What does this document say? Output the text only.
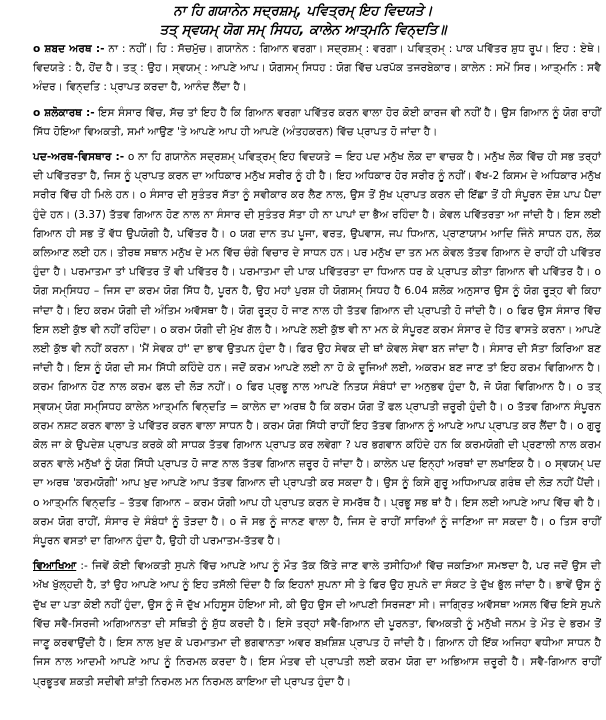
ਨਾ ਹਿ ਗਯਾਨੇਨ ਸਦ੍ਰਸ਼ਮ੍, ਪਵਿਤ੍ਰਮ੍ ਇਹ ਵਿਦਯਤੇ।
ਤਤ੍ ਸ੍ਵਯਮ੍ ਯੋਗ ਸਮ੍ ਸਿਧਹ, ਕਾਲੇਨ ਆਤ੍ਮਨਿ ਵਿਨ੍ਦਤਿ॥

o ਸ਼ਬਦ ਅਰਥ :- ਨਾ : ਨਹੀਂ। ਹਿ : ਸੱਚਮੁੱਚ। ਗਯਾਨੇਨ : ਗਿਆਨ ਵਰਗਾ। ਸਦ੍ਰਸ਼ਮ੍ : ਵਰਗਾ। ਪਵਿਤ੍ਰਮ੍ : ਪਾਕ ਪਵਿੱਤਰ ਸ਼ੁਧ ਰੂਪ। ਇਹ : ਏਥੇ। ਵਿਦਯਤੇ : ਹੈ, ਹੋਂਦ ਹੈ। ਤਤ੍ : ਉਹ। ਸ੍ਵਯਮ੍ : ਆਪਣੇ ਆਪ। ਯੋਗਸਮ੍ ਸਿਧਹ : ਯੋਗ ਵਿੱਚ ਪਰਪੱਕ ਤਜਰਬੇਕਾਰ। ਕਾਲੇਨ : ਸਮੇਂ ਸਿਰ। ਆਤ੍ਮਨਿ : ਸਵੈ ਅੰਦਰ। ਵਿਨ੍ਦਤਿ : ਪ੍ਰਾਪਤ ਕਰਦਾ ਹੈ, ਆਨੰਦ ਲੈਂਦਾ ਹੈ।

o ਸ਼ਲੋਕਾਰਥ :- ਇਸ ਸੰਸਾਰ ਵਿੱਚ, ਸੱਚ ਤਾਂ ਇਹ ਹੈ ਕਿ ਗਿਆਨ ਵਰਗਾ ਪਵਿੱਤਰ ਕਰਨ ਵਾਲਾ ਹੋਰ ਕੋਈ ਕਾਰਜ ਵੀ ਨਹੀਂ ਹੈ। ਉਸ ਗਿਆਨ ਨੂੰ ਯੋਗ ਰਾਹੀਂ ਸਿੱਧ ਹੋਇਆ ਵਿਅਕਤੀ, ਸਮਾਂ ਆਉਣ 'ਤੇ ਆਪਣੇ ਆਪ ਹੀ ਆਪਣੇ (ਅੰਤਹਕਰਨ) ਵਿੱਚ ਪ੍ਰਾਪਤ ਹੋ ਜਾਂਦਾ ਹੈ।

ਪਦ-ਅਰਥ-ਵਿਸਥਾਰ :- o ਨਾ ਹਿ ਗਯਾਨੇਨ ਸਦ੍ਰਸ਼ਮ੍ ਪਵਿਤ੍ਰਮ੍ ਇਹ ਵਿਦਯਤੇ = ਇਹ ਪਦ ਮਨੁੱਖ ਲੋਕ ਦਾ ਵਾਚਕ ਹੈ। ਮਨੁੱਖ ਲੋਕ ਵਿੱਚ ਹੀ ਸਭ ਤਰ੍ਹਾਂ ਦੀ ਪਵਿੱਤਰਤਾ ਹੈ, ਜਿਸ ਨੂੰ ਪ੍ਰਾਪਤ ਕਰਨ ਦਾ ਅਧਿਕਾਰ ਮਨੁੱਖ ਸਰੀਰ ਨੂੰ ਹੀ ਹੈ। ਇਹ ਅਧਿਕਾਰ ਹੋਰ ਸਰੀਰ ਨੂੰ ਨਹੀਂ। ਵੱਖ-2 ਕਿਸਮ ਦੇ ਅਧਿਕਾਰ ਮਨੁੱਖ ਸਰੀਰ ਵਿੱਚ ਹੀ ਮਿਲੇ ਹਨ। o ਸੰਸਾਰ ਦੀ ਸੁਤੰਤਰ ਸੱਤਾ ਨੂੰ ਸਵੀਕਾਰ ਕਰ ਲੈਣ ਨਾਲ, ਉਸ ਤੋਂ ਸੁੱਖ ਪ੍ਰਾਪਤ ਕਰਨ ਦੀ ਇੱਛਾ ਤੋਂ ਹੀ ਸੰਪੂਰਨ ਦੋਸ਼ ਪਾਪ ਪੈਦਾ ਹੁੰਦੇ ਹਨ। (3.37) ਤੱਤਵ ਗਿਆਨ ਹੋਣ ਨਾਲ ਨਾ ਸੰਸਾਰ ਦੀ ਸੁਤੰਤਰ ਸੱਤਾ ਹੀ ਨਾ ਪਾਪਾਂ ਦਾ ਭੈਅ ਰਹਿੰਦਾ ਹੈ। ਕੇਵਲ ਪਵਿੱਤਰਤਾ ਆ ਜਾਂਦੀ ਹੈ। ਇਸ ਲਈ ਗਿਆਨ ਹੀ ਸਭ ਤੋਂ ਵੱਧ ਉਪਯੋਗੀ ਹੈ, ਪਵਿੱਤਰ ਹੈ। o ਯਗ ਦਾਨ ਤਪ ਪੂਜਾ, ਵਰਤ, ਉਪਵਾਸ, ਜਪ ਧਿਆਨ, ਪ੍ਰਾਣਾਯਾਮ ਆਦਿ ਜਿੰਨੇ ਸਾਧਨ ਹਨ, ਲੋਕ ਕਲਿਆਣ ਲਈ ਹਨ। ਤੀਰਥ ਸਥਾਨ ਮਨੁੱਖ ਦੇ ਮਨ ਵਿੱਚ ਚੰਗੇ ਵਿਚਾਰ ਦੇ ਸਾਧਨ ਹਨ। ਪਰ ਮਨੁੱਖ ਦਾ ਤਨ ਮਨ ਕੇਵਲ ਤੱਤਵ ਗਿਆਨ ਦੇ ਰਾਹੀਂ ਹੀ ਪਵਿੱਤਰ ਹੁੰਦਾ ਹੈ। ਪਰਮਾਤਮਾ ਤਾਂ ਪਵਿੱਤਰ ਤੋਂ ਵੀ ਪਵਿੱਤਰ ਹੈ। ਪਰਮਾਤਮਾ ਦੀ ਪਾਕ ਪਵਿੱਤਰਤਾ ਦਾ ਧਿਆਨ ਧਰ ਕੇ ਪ੍ਰਾਪਤ ਕੀਤਾ ਗਿਆਨ ਵੀ ਪਵਿੱਤਰ ਹੈ। o ਯੋਗ ਸਮ੍ਸਿਧਹ – ਜਿਸ ਦਾ ਕਰਮ ਯੋਗ ਸਿੱਧ ਹੈ, ਪੂਰਨ ਹੈ, ਉਹ ਮਹਾਂ ਪੁਰਸ਼ ਹੀ ਯੋਗਸਮ੍ ਸਿਧਹ ਹੈ 6.04 ਸ਼ਲੋਕ ਅਨੁਸਾਰ ਉਸ ਨੂੰ ਯੋਗ ਰੂੜ੍ਹ ਵੀ ਕਿਹਾ ਜਾਂਦਾ ਹੈ। ਇਹ ਕਰਮ ਯੋਗੀ ਦੀ ਅੰਤਿਮ ਅਵੱਸਥਾ ਹੈ। ਯੋਗ ਰੂੜ੍ਹ ਹੋ ਜਾਣ ਨਾਲ ਹੀ ਤੱਤਵ ਗਿਆਨ ਦੀ ਪ੍ਰਾਪਤੀ ਹੋ ਜਾਂਦੀ ਹੈ। o ਫਿਰ ਉਸ ਸੰਸਾਰ ਵਿੱਚ ਇਸ ਲਈ ਕੁੱਝ ਵੀ ਨਹੀਂ ਰਹਿੰਦਾ। o ਕਰਮ ਯੋਗੀ ਦੀ ਮੁੱਖ ਗੱਲ ਹੈ। ਆਪਣੇ ਲਈ ਕੁੱਝ ਵੀ ਨਾ ਮਨ ਕੇ ਸੰਪੂਰਣ ਕਰਮ ਸੰਸਾਰ ਦੇ ਹਿੱਤ ਵਾਸਤੇ ਕਰਨਾ। ਆਪਣੇ ਲਈ ਕੁੱਝ ਵੀ ਨਹੀਂ ਕਰਨਾ। 'ਮੈਂ ਸੇਵਕ ਹਾਂ' ਦਾ ਭਾਵ ਉਤਪਨ ਹੁੰਦਾ ਹੈ। ਫਿਰ ਉਹ ਸੇਵਕ ਦੀ ਥਾਂ ਕੇਵਲ ਸੇਵਾ ਬਨ ਜਾਂਦਾ ਹੈ। ਸੰਸਾਰ ਦੀ ਸੱਤਾ ਕਿਰਿਆ ਬਣ ਜਾਂਦੀ ਹੈ। ਇਸ ਨੂੰ ਯੋਗ ਦੀ ਸਮ ਸਿੱਧੀ ਕਹਿੰਦੇ ਹਨ। ਜਦੋਂ ਕਰਮ ਆਪਣੇ ਲਈ ਨਾ ਹੋ ਕੇ ਦੂਜਿਆਂ ਲਈ, ਅਕਰਮ ਬਣ ਜਾਣ ਤਾਂ ਇਹ ਕਰਮ ਵਿਗਿਆਨ ਹੈ। ਕਰਮ ਗਿਆਨ ਹੋਣ ਨਾਲ ਕਰਮ ਫਲ ਦੀ ਲੋੜ ਨਹੀਂ। o ਫਿਰ ਪ੍ਰਭੂ ਨਾਲ ਆਪਣੇ ਨਿਤਯ ਸੰਬੰਧਾਂ ਦਾ ਅਨੁਭਵ ਹੁੰਦਾ ਹੈ, ਜੋ ਯੋਗ ਵਿਗਿਆਨ ਹੈ। o ਤਤ੍ ਸ੍ਵਯਮ੍ ਯੋਗ ਸਮ੍ਸਿਧਹ ਕਾਲੇਨ ਆਤ੍ਮਨਿ ਵਿਨ੍ਦਤਿ = ਕਾਲੇਨ ਦਾ ਅਰਥ ਹੈ ਕਿ ਕਰਮ ਯੋਗ ਤੋਂ ਫਲ ਪ੍ਰਾਪਤੀ ਜ਼ਰੂਰੀ ਹੁੰਦੀ ਹੈ। o ਤੱਤਵ ਗਿਆਨ ਸੰਪੂਰਨ ਕਰਮ ਨਸ਼ਟ ਕਰਨ ਵਾਲਾ ਤੇ ਪਵਿੱਤਰ ਕਰਨ ਵਾਲਾ ਸਾਧਨ ਹੈ। ਕਰਮ ਯੋਗ ਸਿੱਧੀ ਰਾਹੀਂ ਇਹ ਤੱਤਵ ਗਿਆਨ ਨੂੰ ਆਪਣੇ ਆਪ ਪ੍ਰਾਪਤ ਕਰ ਲੈਂਦਾ ਹੈ। o ਗੁਰੂ ਕੋਲ ਜਾ ਕੇ ਉਪਦੇਸ਼ ਪ੍ਰਾਪਤ ਕਰਕੇ ਕੀ ਸਾਧਕ ਤੱਤਵ ਗਿਆਨ ਪ੍ਰਾਪਤ ਕਰ ਲਵੇਗਾ ? ਪਰ ਭਗਵਾਨ ਕਹਿੰਦੇ ਹਨ ਕਿ ਕਰਮਯੋਗੀ ਦੀ ਪ੍ਰਣਾਲੀ ਨਾਲ ਕਰਮ ਕਰਨ ਵਾਲੇ ਮਨੁੱਖਾਂ ਨੂੰ ਯੋਗ ਸਿੱਧੀ ਪ੍ਰਾਪਤ ਹੋ ਜਾਣ ਨਾਲ ਤੱਤਵ ਗਿਆਨ ਜ਼ਰੂਰ ਹੋ ਜਾਂਦਾ ਹੈ। ਕਾਲੇਨ ਪਦ ਇਨ੍ਹਾਂ ਅਰਥਾਂ ਦਾ ਲਖਾਇਕ ਹੈ। o ਸ੍ਵਯਮ੍ ਪਦ ਦਾ ਅਰਥ 'ਕਰਮਯੋਗੀ' ਆਪ ਖ਼ੁਦ ਆਪਣੇ ਆਪ ਤੱਤਵ ਗਿਆਨ ਦੀ ਪ੍ਰਾਪਤੀ ਕਰ ਸਕਦਾ ਹੈ। ਉਸ ਨੂੰ ਕਿਸੇ ਗੁਰੂ ਅਧਿਆਪਕ ਗਰੰਥ ਦੀ ਲੋੜ ਨਹੀਂ ਪੈਂਦੀ। o ਆਤ੍ਮਨਿ ਵਿਨ੍ਦਤਿ – ਤੱਤਵ ਗਿਆਨ – ਕਰਮ ਯੋਗੀ ਆਪ ਹੀ ਪ੍ਰਾਪਤ ਕਰਨ ਦੇ ਸਮਰੱਥ ਹੈ। ਪ੍ਰਭੂ ਸਭ ਥਾਂ ਹੈ। ਇਸ ਲਈ ਆਪਣੇ ਆਪ ਵਿੱਚ ਵੀ ਹੈ। ਕਰਮ ਯੋਗ ਰਾਹੀਂ, ਸੰਸਾਰ ਦੇ ਸੰਬੰਧਾਂ ਨੂੰ ਤੋੜਦਾ ਹੈ। o ਜੋ ਸਭ ਨੂੰ ਜਾਨਣ ਵਾਲਾ ਹੈ, ਜਿਸ ਦੇ ਰਾਹੀਂ ਸਾਰਿਆਂ ਨੂੰ ਜਾਣਿਆ ਜਾ ਸਕਦਾ ਹੈ। o ਤਿਸ ਰਾਹੀਂ ਸੰਪੂਰਨ ਵਸਤਾਂ ਦਾ ਗਿਆਨ ਹੁੰਦਾ ਹੈ, ਉਹੀ ਹੀ ਪਰਮਾਤਮ-ਤੱਤਵ ਹੈ।

ਵਿਆਖਿਆ :- ਜਿਵੇਂ ਕੋਈ ਵਿਅਕਤੀ ਸੁਪਨੇ ਵਿੱਚ ਆਪਣੇ ਆਪ ਨੂੰ ਮੌਤ ਤੱਕ ਕਿੱਤੇ ਜਾਣ ਵਾਲੇ ਤਸੀਹਿਆਂ ਵਿੱਚ ਜਕੜਿਆ ਸਮਝਦਾ ਹੈ, ਪਰ ਜਦੋਂ ਉਸ ਦੀ ਅੱਖ ਖੁੱਲ੍ਹਦੀ ਹੈ, ਤਾਂ ਉਹ ਆਪਣੇ ਆਪ ਨੂੰ ਇਹ ਤਸੱਲੀ ਦਿੰਦਾ ਹੈ ਕਿ ਇਹਨਾਂ ਸੁਪਨਾ ਸੀ ਤੇ ਫਿਰ ਉਹ ਸੁਪਨੇ ਦਾ ਸੰਕਟ ਤੇ ਦੁੱਖ ਭੁੱਲ ਜਾਂਦਾ ਹੈ। ਭਾਵੇਂ ਉਸ ਨੂੰ ਦੁੱਖ ਦਾ ਪਤਾ ਕੋਈ ਨਹੀਂ ਹੁੰਦਾ, ਉਸ ਨੂੰ ਜੋ ਦੁੱਖ ਮਹਿਸੂਸ ਹੋਇਆ ਸੀ, ਕੀ ਉਹ ਉਸ ਦੀ ਆਪਣੀ ਸਿਰਜਣਾ ਸੀ। ਜਾਗ੍ਰਿਤ ਅਵੱਸਥਾ ਅਸਲ ਵਿੱਚ ਇਸੇ ਸੁਪਨੇ ਵਿੱਚ ਸਵੈ-ਸਿਰਜੀ ਅਗਿਆਨਤਾ ਦੀ ਸਥਿਤੀ ਨੂੰ ਸ਼ੁੱਧ ਕਰਦੀ ਹੈ। ਇਸੇ ਤਰ੍ਹਾਂ ਸਵੈ-ਗਿਆਨ ਦੀ ਪੂਰਨਤਾ, ਵਿਅਕਤੀ ਨੂੰ ਮਨੁੱਖੀ ਜਨਮ ਤੇ ਮੌਤ ਦੇ ਭਰਮ ਤੋਂ ਜਾਣੂ ਕਰਵਾਉਂਦੀ ਹੈ। ਇਸ ਨਾਲ ਖ਼ੁਦ ਕੋ ਪਰਮਾਤਮਾ ਦੀ ਭਗਵਾਨਤਾ ਅਵਰ ਬਖ਼ਸ਼ਿਸ਼ ਪ੍ਰਾਪਤ ਹੋ ਜਾਂਦੀ ਹੈ। ਗਿਆਨ ਹੀ ਇੱਕ ਅਜਿਹਾ ਵਧੀਆ ਸਾਧਨ ਹੈ ਜਿਸ ਨਾਲ ਆਦਮੀ ਆਪਣੇ ਆਪ ਨੂੰ ਨਿਰਮਲ ਕਰਦਾ ਹੈ। ਇਸ ਮੰਤਵ ਦੀ ਪ੍ਰਾਪਤੀ ਲਈ ਕਰਮ ਯੋਗ ਦਾ ਅਭਿਆਸ ਜ਼ਰੂਰੀ ਹੈ। ਸਵੈ-ਗਿਆਨ ਰਾਹੀਂ ਪ੍ਰਭੂਤਵ ਸ਼ਕਤੀ ਸਦੀਵੀ ਸ਼ਾਂਤੀ ਨਿਰਮਲ ਮਨ ਨਿਰਮਲ ਕਾਇਆ ਦੀ ਪ੍ਰਾਪਤ ਹੁੰਦਾ ਹੈ।
